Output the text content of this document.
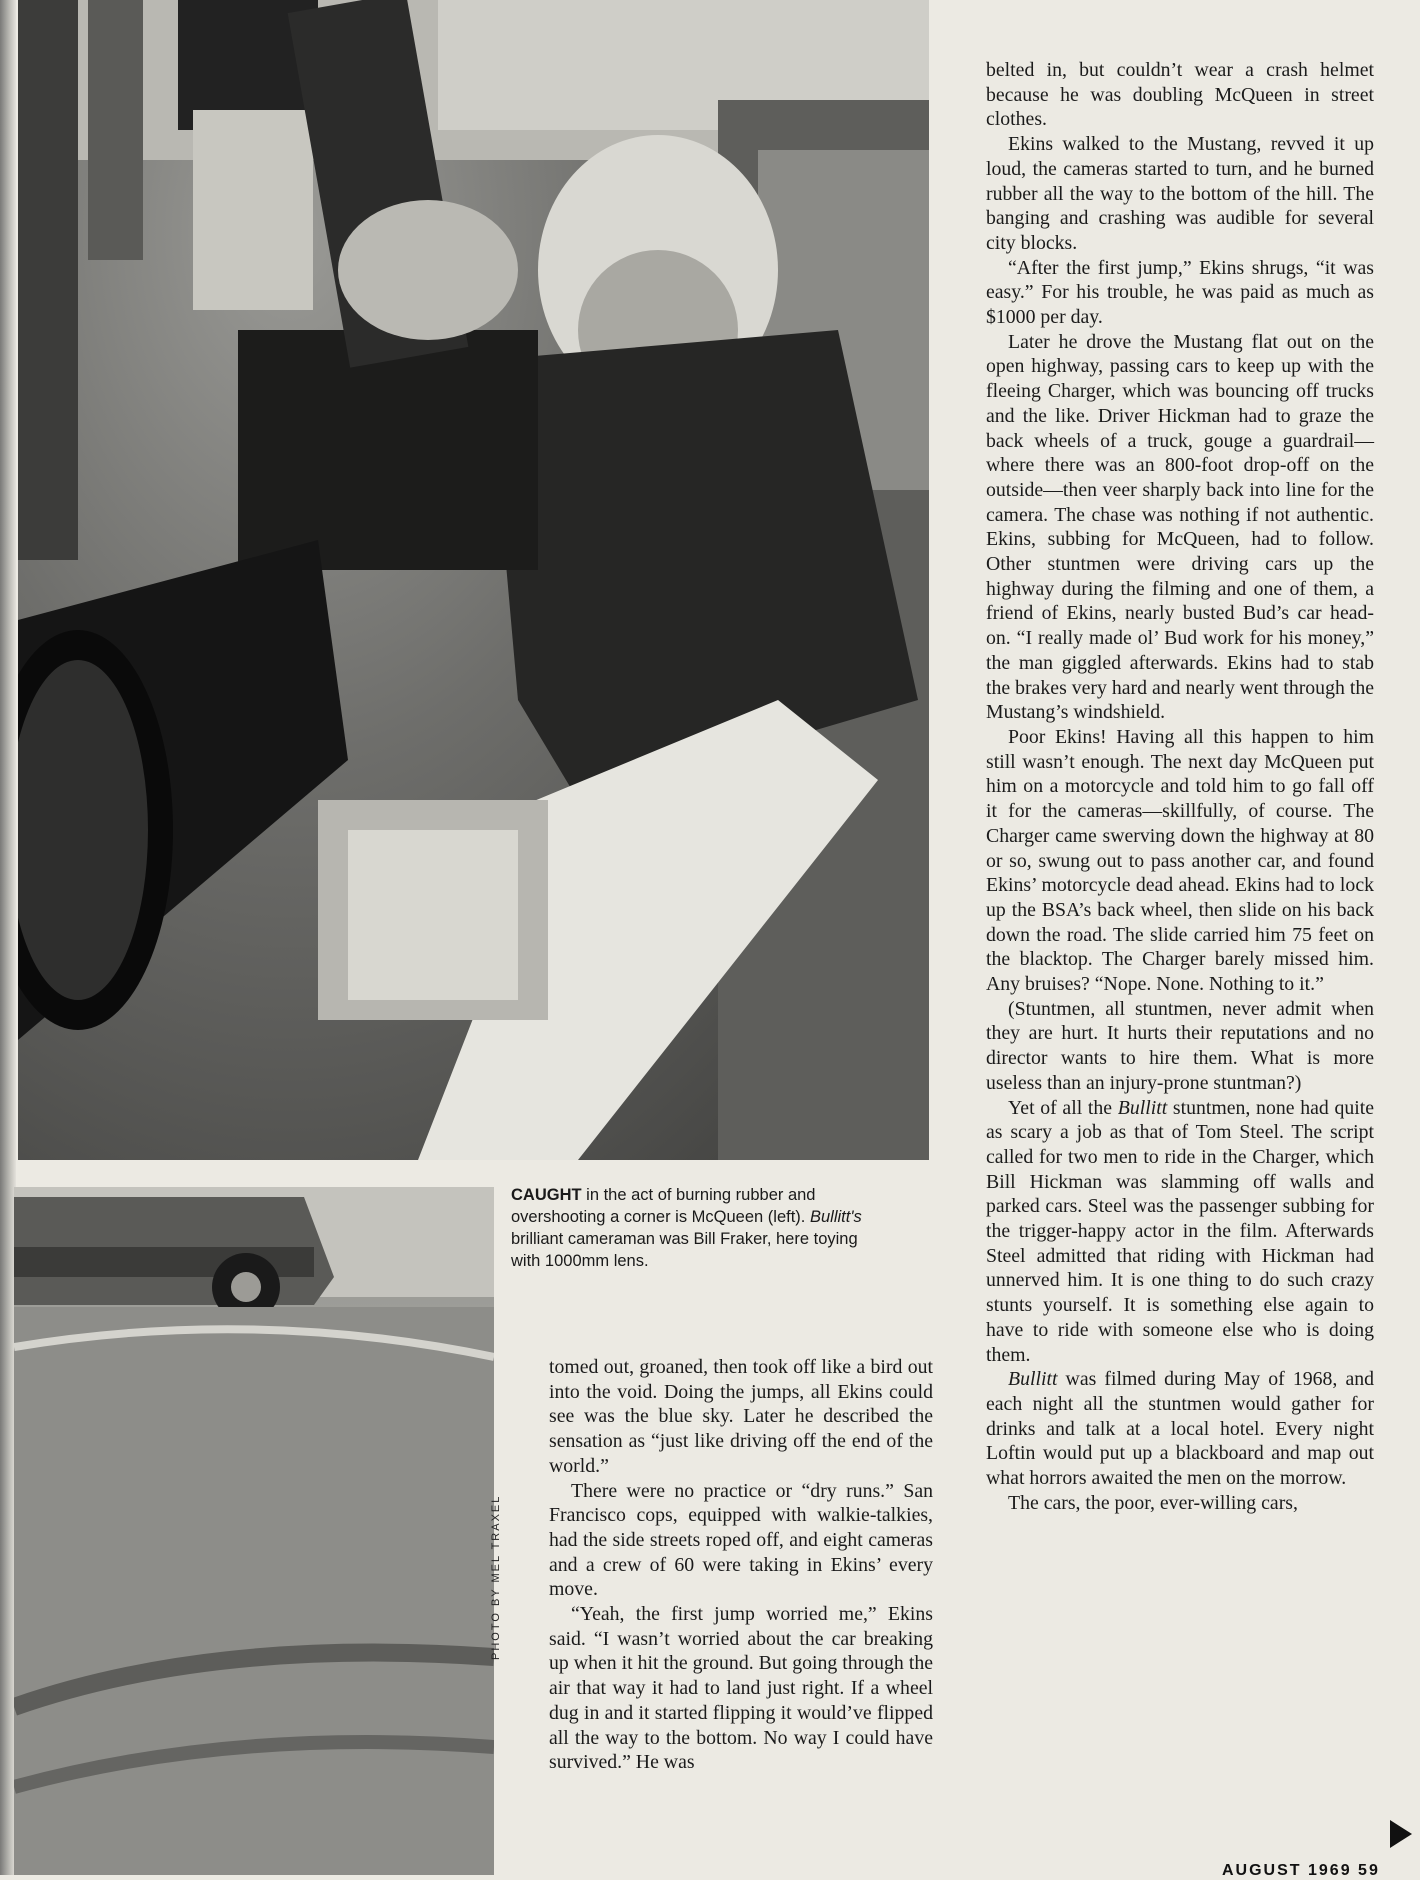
CAUGHT in the act of burning rubber and overshooting a corner is McQueen (left). Bullitt's brilliant cameraman was Bill Fraker, here toying with 1000mm lens.
PHOTO BY MEL TRAXEL

tomed out, groaned, then took off like a bird out into the void. Doing the jumps, all Ekins could see was the blue sky. Later he described the sensation as “just like driving off the end of the world.”

There were no practice or “dry runs.” San Francisco cops, equipped with walkie-talkies, had the side streets roped off, and eight cameras and a crew of 60 were taking in Ekins’ every move.

“Yeah, the first jump worried me,” Ekins said. “I wasn’t worried about the car breaking up when it hit the ground. But going through the air that way it had to land just right. If a wheel dug in and it started flipping it would’ve flipped all the way to the bottom. No way I could have survived.” He was

belted in, but couldn’t wear a crash helmet because he was doubling McQueen in street clothes.

Ekins walked to the Mustang, revved it up loud, the cameras started to turn, and he burned rubber all the way to the bottom of the hill. The banging and crashing was audible for several city blocks.

“After the first jump,” Ekins shrugs, “it was easy.” For his trouble, he was paid as much as $1000 per day.

Later he drove the Mustang flat out on the open highway, passing cars to keep up with the fleeing Charger, which was bouncing off trucks and the like. Driver Hickman had to graze the back wheels of a truck, gouge a guardrail—where there was an 800-foot drop-off on the outside—then veer sharply back into line for the camera. The chase was nothing if not authentic. Ekins, subbing for McQueen, had to follow. Other stuntmen were driving cars up the highway during the filming and one of them, a friend of Ekins, nearly busted Bud’s car head-on. “I really made ol’ Bud work for his money,” the man giggled afterwards. Ekins had to stab the brakes very hard and nearly went through the Mustang’s windshield.

Poor Ekins! Having all this happen to him still wasn’t enough. The next day McQueen put him on a motorcycle and told him to go fall off it for the cameras—skillfully, of course. The Charger came swerving down the highway at 80 or so, swung out to pass another car, and found Ekins’ motorcycle dead ahead. Ekins had to lock up the BSA’s back wheel, then slide on his back down the road. The slide carried him 75 feet on the blacktop. The Charger barely missed him. Any bruises? “Nope. None. Nothing to it.”

(Stuntmen, all stuntmen, never admit when they are hurt. It hurts their reputations and no director wants to hire them. What is more useless than an injury-prone stuntman?)

Yet of all the Bullitt stuntmen, none had quite as scary a job as that of Tom Steel. The script called for two men to ride in the Charger, which Bill Hickman was slamming off walls and parked cars. Steel was the passenger subbing for the trigger-happy actor in the film. Afterwards Steel admitted that riding with Hickman had unnerved him. It is one thing to do such crazy stunts yourself. It is something else again to have to ride with someone else who is doing them.

Bullitt was filmed during May of 1968, and each night all the stuntmen would gather for drinks and talk at a local hotel. Every night Loftin would put up a blackboard and map out what horrors awaited the men on the morrow.

The cars, the poor, ever-willing cars,

AUGUST 1969 59
